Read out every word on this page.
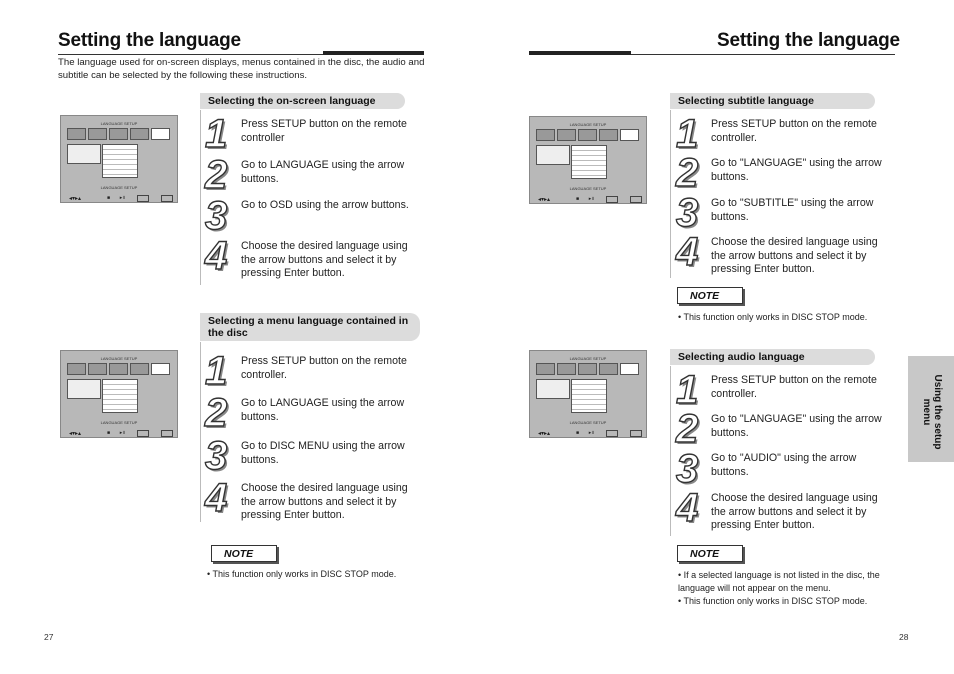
Setting the language
The language used for on-screen displays, menus contained in the disc, the audio and subtitle can be selected by the following these instructions.
Selecting the on-screen language
LANGUAGE SETUP
LANGUAGE SETUP
◂▾▸▴	■       ▸॥
1 Press SETUP button on the remote controller
2 Go to LANGUAGE using the arrow buttons.
3 Go to OSD using the arrow buttons.
4 Choose the desired language using the arrow buttons and select it by pressing Enter button.
Selecting a menu language contained in the disc
LANGUAGE SETUP
LANGUAGE SETUP
◂▾▸▴	■       ▸॥
1 Press SETUP button on the remote controller.
2 Go to LANGUAGE using the arrow buttons.
3 Go to DISC MENU using the arrow buttons.
4 Choose the desired language using the arrow buttons and select it by pressing Enter button.
NOTE
• This function only works in DISC STOP mode.
27
Setting the language
Selecting subtitle language
LANGUAGE SETUP
LANGUAGE SETUP
◂▾▸▴	■       ▸॥
1 Press SETUP button on the remote controller.
2 Go to "LANGUAGE" using the arrow buttons.
3 Go to "SUBTITLE" using the arrow buttons.
4 Choose the desired language using the arrow buttons and select it by pressing Enter button.
NOTE
• This function only works in DISC STOP mode.
Selecting audio language
LANGUAGE SETUP
LANGUAGE SETUP
◂▾▸▴	■       ▸॥
1 Press SETUP button on the remote controller.
2 Go to "LANGUAGE" using the arrow buttons.
3 Go to "AUDIO" using the arrow buttons.
4 Choose the desired language using the arrow buttons and select it by pressing Enter button.
NOTE
• If a selected language is not listed in the disc, the language will not appear on the menu.
• This function only works in DISC STOP mode.
Using the setup menu
28
